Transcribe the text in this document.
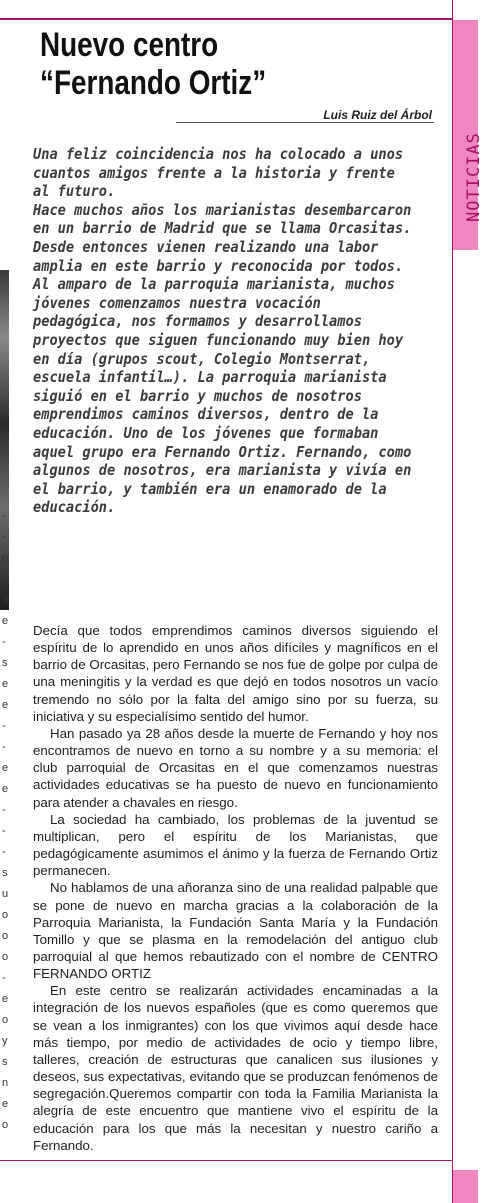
NOTICIAS
-
-
o
e
a
e
-
s
e
e
-
-
e
e
-
-
-
s
u
o
o
o
-
e
o
y
s
n
e
o
Nuevo centro
“Fernando Ortiz”
Luis Ruiz del Árbol

Una feliz coincidencia nos ha colocado a unos cuantos amigos frente a la historia y frente al futuro.
Hace muchos años los marianistas desembarcaron en un barrio de Madrid que se llama Orcasitas. Desde entonces vienen realizando una labor amplia en este barrio y reconocida por todos. Al amparo de la parroquia marianista, muchos jóvenes comenzamos nuestra vocación pedagógica, nos formamos y desarrollamos proyectos que siguen funcionando muy bien hoy en día (grupos scout, Colegio Montserrat, escuela infantil…). La parroquia marianista siguió en el barrio y muchos de nosotros emprendimos caminos diversos, dentro de la educación. Uno de los jóvenes que formaban aquel grupo era Fernando Ortiz. Fernando, como algunos de nosotros, era marianista y vivía en el barrio, y también era un enamorado de la educación.

Decía que todos emprendimos caminos diversos siguiendo el espíritu de lo aprendido en unos años difíciles y magníficos en el barrio de Orcasitas, pero Fernando se nos fue de golpe por culpa de una meningitis y la verdad es que dejó en todos nosotros un vacío tremendo no sólo por la falta del amigo sino por su fuerza, su iniciativa y su especialísimo sentido del humor.

Han pasado ya 28 años desde la muerte de Fernando y hoy nos encontramos de nuevo en torno a su nombre y a su memoria: el club parroquial de Orcasitas en el que comenzamos nuestras actividades educativas se ha puesto de nuevo en funcionamiento para atender a chavales en riesgo.

La sociedad ha cambiado, los problemas de la juventud se multiplican, pero el espíritu de los Marianistas, que pedagógicamente asumimos el ánimo y la fuerza de Fernando Ortiz permanecen.

No hablamos de una añoranza sino de una realidad palpable que se pone de nuevo en marcha gracias a la colaboración de la Parroquia Marianista, la Fundación Santa María y la Fundación Tomillo y que se plasma en la remodelación del antiguo club parroquial al que hemos rebautizado con el nombre de CENTRO FERNANDO ORTIZ

En este centro se realizarán actividades encaminadas a la integración de los nuevos españoles (que es como queremos que se vean a los inmigrantes) con los que vivimos aquí desde hace más tiempo, por medio de actividades de ocio y tiempo libre, talleres, creación de estructuras que canalicen sus ilusiones y deseos, sus expectativas, evitando que se produzcan fenómenos de segregación.Queremos compartir con toda la Familia Marianista la alegría de este encuentro que mantiene vivo el espíritu de la educación para los que más la necesitan y nuestro cariño a Fernando.
